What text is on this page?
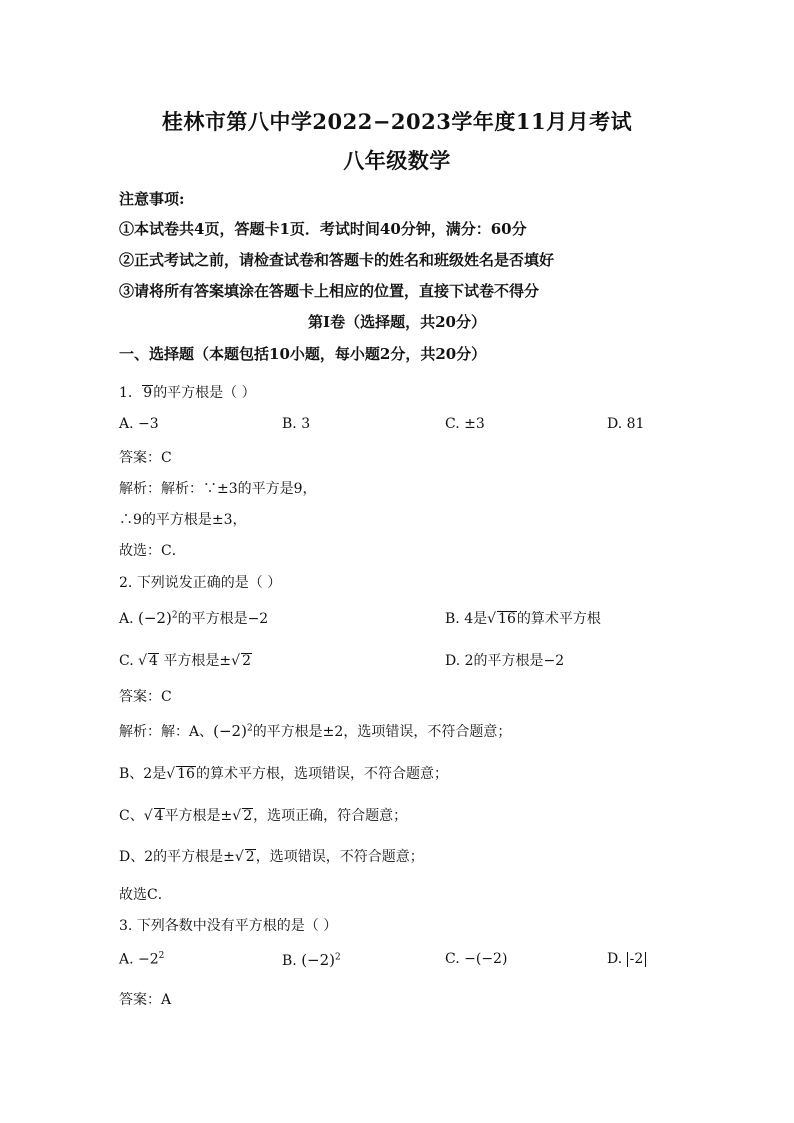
桂林市第八中学2022−2023学年度11月月考试
八年级数学
注意事项:
①本试卷共4页，答题卡1页．考试时间40分钟，满分：60分
②正式考试之前，请检查试卷和答题卡的姓名和班级姓名是否填好
③请将所有答案填涂在答题卡上相应的位置，直接下试卷不得分
第Ⅰ卷（选择题，共20分）
一、选择题（本题包括10小题，每小题2分，共20分）
1. 9的平方根是（ ）
A. −3	B. 3	C. ±3	D. 81
答案：C
解析：解析：∵±3的平方是9，
∴9的平方根是±3，
故选：C．
2. 下列说发正确的是（ ）
A. $(-2)^2$的平方根是−2	B. 4是√ 16的算术平方根
C. √ 4 平方根是±√ 2	D. 2的平方根是−2
答案：C
解析：解：A、$(-2)^2$的平方根是±2，选项错误，不符合题意；
B、2是√ 16的算术平方根，选项错误，不符合题意；
C、√ 4平方根是±√ 2，选项正确，符合题意；
D、2的平方根是±√ 2，选项错误，不符合题意；
故选C．
3. 下列各数中没有平方根的是（ ）
A. $-2^2$	B. $(-2)^2$	C. −(−2)	D. -2
答案：A
